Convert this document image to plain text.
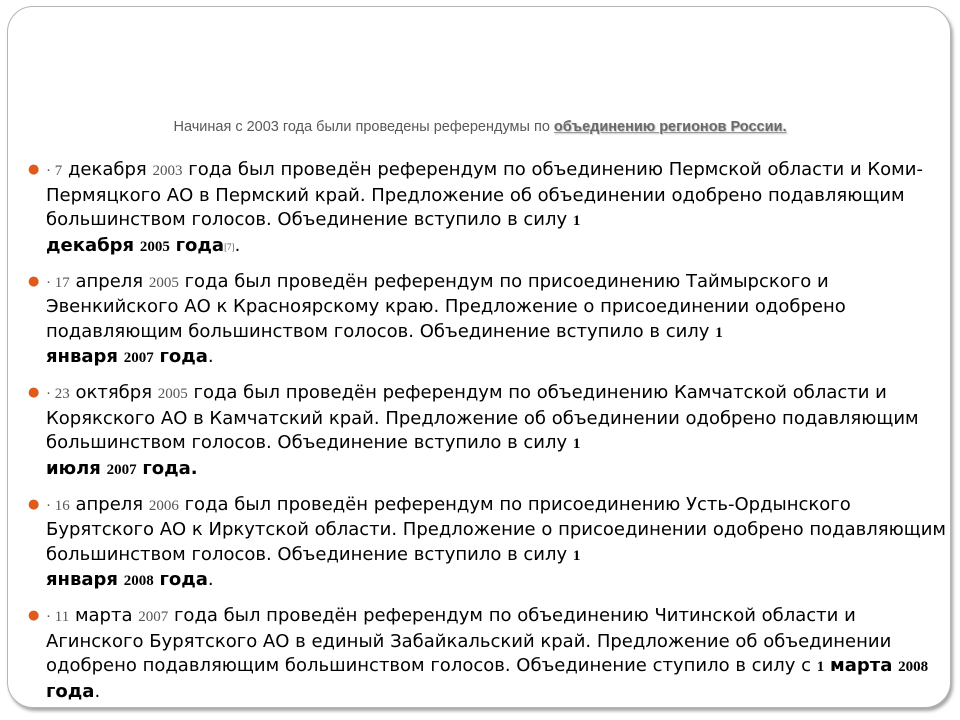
Начиная с 2003 года были проведены референдумы по объединению регионов России.
● · 7 декабря 2003 года был проведён референдум по объединению Пермской области и Коми-Пермяцкого АО в Пермский край. Предложение об объединении одобрено подавляющим большинством голосов. Объединение вступило в силу 1
декабря 2005 года[7].
● · 17 апреля 2005 года был проведён референдум по присоединению Таймырского и Эвенкийского АО к Красноярскому краю. Предложение о присоединении одобрено подавляющим большинством голосов. Объединение вступило в силу 1
января 2007 года.
● · 23 октября 2005 года был проведён референдум по объединению Камчатской области и Корякского АО в Камчатский край. Предложение об объединении одобрено подавляющим большинством голосов. Объединение вступило в силу 1
июля 2007 года.
● · 16 апреля 2006 года был проведён референдум по присоединению Усть-Ордынского Бурятского АО к Иркутской области. Предложение о присоединении одобрено подавляющим большинством голосов. Объединение вступило в силу 1
января 2008 года.
● · 11 марта 2007 года был проведён референдум по объединению Читинской области и Агинского Бурятского АО в единый Забайкальский край. Предложение об объединении одобрено подавляющим большинством голосов. Объединение ступило в силу с 1 марта 2008 года.
